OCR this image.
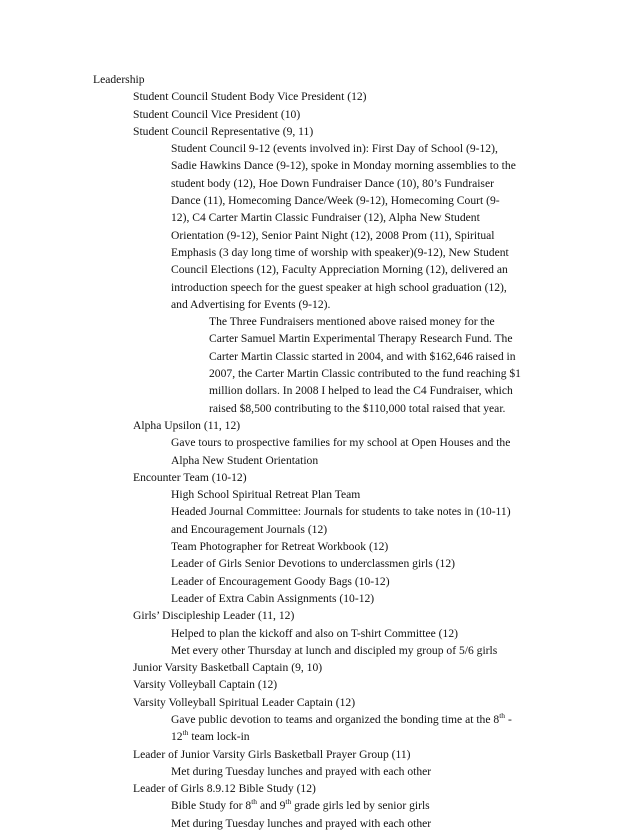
Leadership
Student Council Student Body Vice President (12)
Student Council Vice President (10)
Student Council Representative (9, 11)
Student Council 9-12 (events involved in): First Day of School (9-12),
Sadie Hawkins Dance (9-12), spoke in Monday morning assemblies to the
student body (12), Hoe Down Fundraiser Dance (10), 80’s Fundraiser
Dance (11), Homecoming Dance/Week (9-12), Homecoming Court (9-
12), C4 Carter Martin Classic Fundraiser (12), Alpha New Student
Orientation (9-12), Senior Paint Night (12), 2008 Prom (11), Spiritual
Emphasis (3 day long time of worship with speaker)(9-12), New Student
Council Elections (12), Faculty Appreciation Morning (12), delivered an
introduction speech for the guest speaker at high school graduation (12),
and Advertising for Events (9-12).
The Three Fundraisers mentioned above raised money for the
Carter Samuel Martin Experimental Therapy Research Fund. The
Carter Martin Classic started in 2004, and with $162,646 raised in
2007, the Carter Martin Classic contributed to the fund reaching $1
million dollars. In 2008 I helped to lead the C4 Fundraiser, which
raised $8,500 contributing to the $110,000 total raised that year.
Alpha Upsilon (11, 12)
Gave tours to prospective families for my school at Open Houses and the
Alpha New Student Orientation
Encounter Team (10-12)
High School Spiritual Retreat Plan Team
Headed Journal Committee: Journals for students to take notes in (10-11)
and Encouragement Journals (12)
Team Photographer for Retreat Workbook (12)
Leader of Girls Senior Devotions to underclassmen girls (12)
Leader of Encouragement Goody Bags (10-12)
Leader of Extra Cabin Assignments (10-12)
Girls’ Discipleship Leader (11, 12)
Helped to plan the kickoff and also on T-shirt Committee (12)
Met every other Thursday at lunch and discipled my group of 5/6 girls
Junior Varsity Basketball Captain (9, 10)
Varsity Volleyball Captain (12)
Varsity Volleyball Spiritual Leader Captain (12)
Gave public devotion to teams and organized the bonding time at the 8th -
12th team lock-in
Leader of Junior Varsity Girls Basketball Prayer Group (11)
Met during Tuesday lunches and prayed with each other
Leader of Girls 8.9.12 Bible Study (12)
Bible Study for 8th and 9th grade girls led by senior girls
Met during Tuesday lunches and prayed with each other
